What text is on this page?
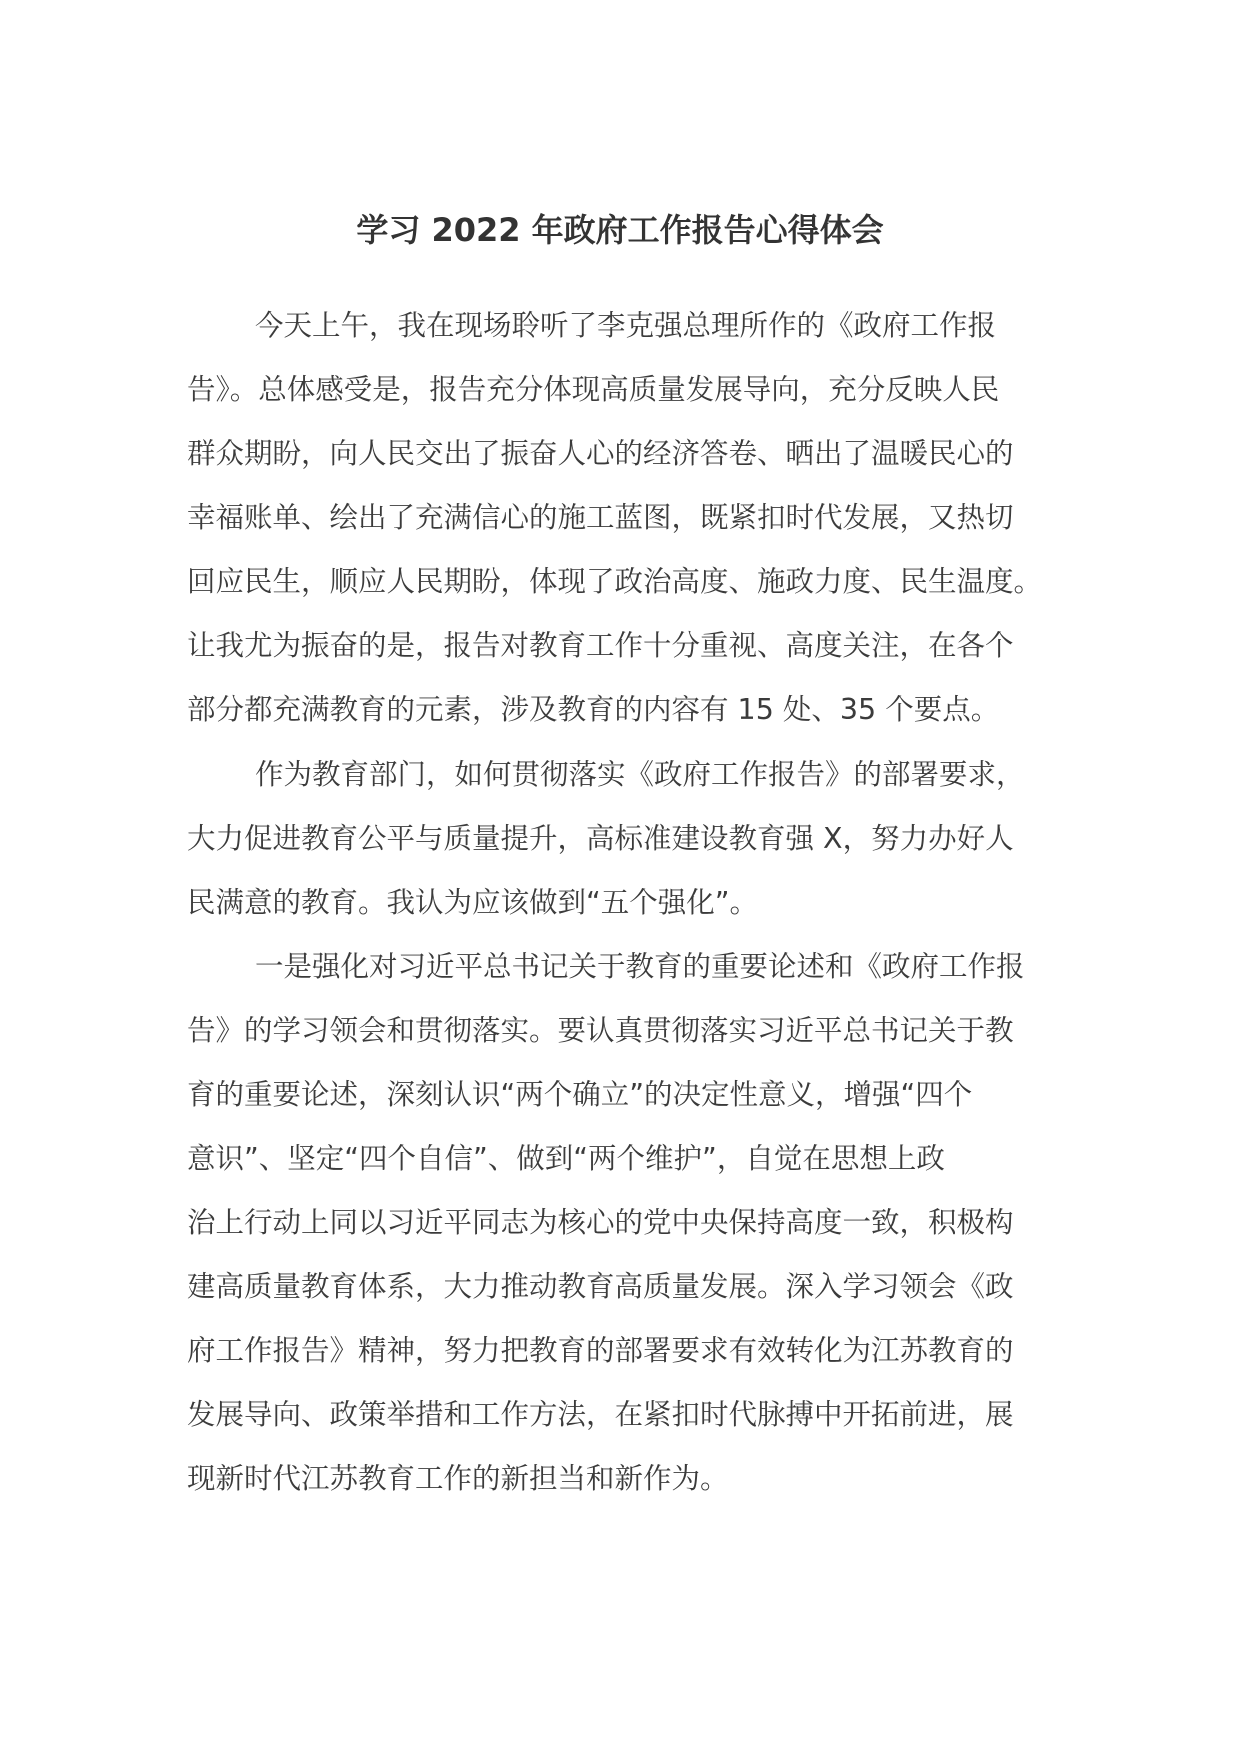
学习 2022 年政府工作报告心得体会
今天上午，我在现场聆听了李克强总理所作的《政府工作报
告》。总体感受是，报告充分体现高质量发展导向，充分反映人民
群众期盼，向人民交出了振奋人心的经济答卷、晒出了温暖民心的
幸福账单、绘出了充满信心的施工蓝图，既紧扣时代发展，又热切
回应民生，顺应人民期盼，体现了政治高度、施政力度、民生温度。
让我尤为振奋的是，报告对教育工作十分重视、高度关注，在各个
部分都充满教育的元素，涉及教育的内容有 15 处、35 个要点。
作为教育部门，如何贯彻落实《政府工作报告》的部署要求，
大力促进教育公平与质量提升，高标准建设教育强 X，努力办好人
民满意的教育。我认为应该做到“五个强化”。
一是强化对习近平总书记关于教育的重要论述和《政府工作报
告》的学习领会和贯彻落实。要认真贯彻落实习近平总书记关于教
育的重要论述，深刻认识“两个确立”的决定性意义，增强“四个
意识”、坚定“四个自信”、做到“两个维护”，自觉在思想上政
治上行动上同以习近平同志为核心的党中央保持高度一致，积极构
建高质量教育体系，大力推动教育高质量发展。深入学习领会《政
府工作报告》精神，努力把教育的部署要求有效转化为江苏教育的
发展导向、政策举措和工作方法，在紧扣时代脉搏中开拓前进，展
现新时代江苏教育工作的新担当和新作为。
